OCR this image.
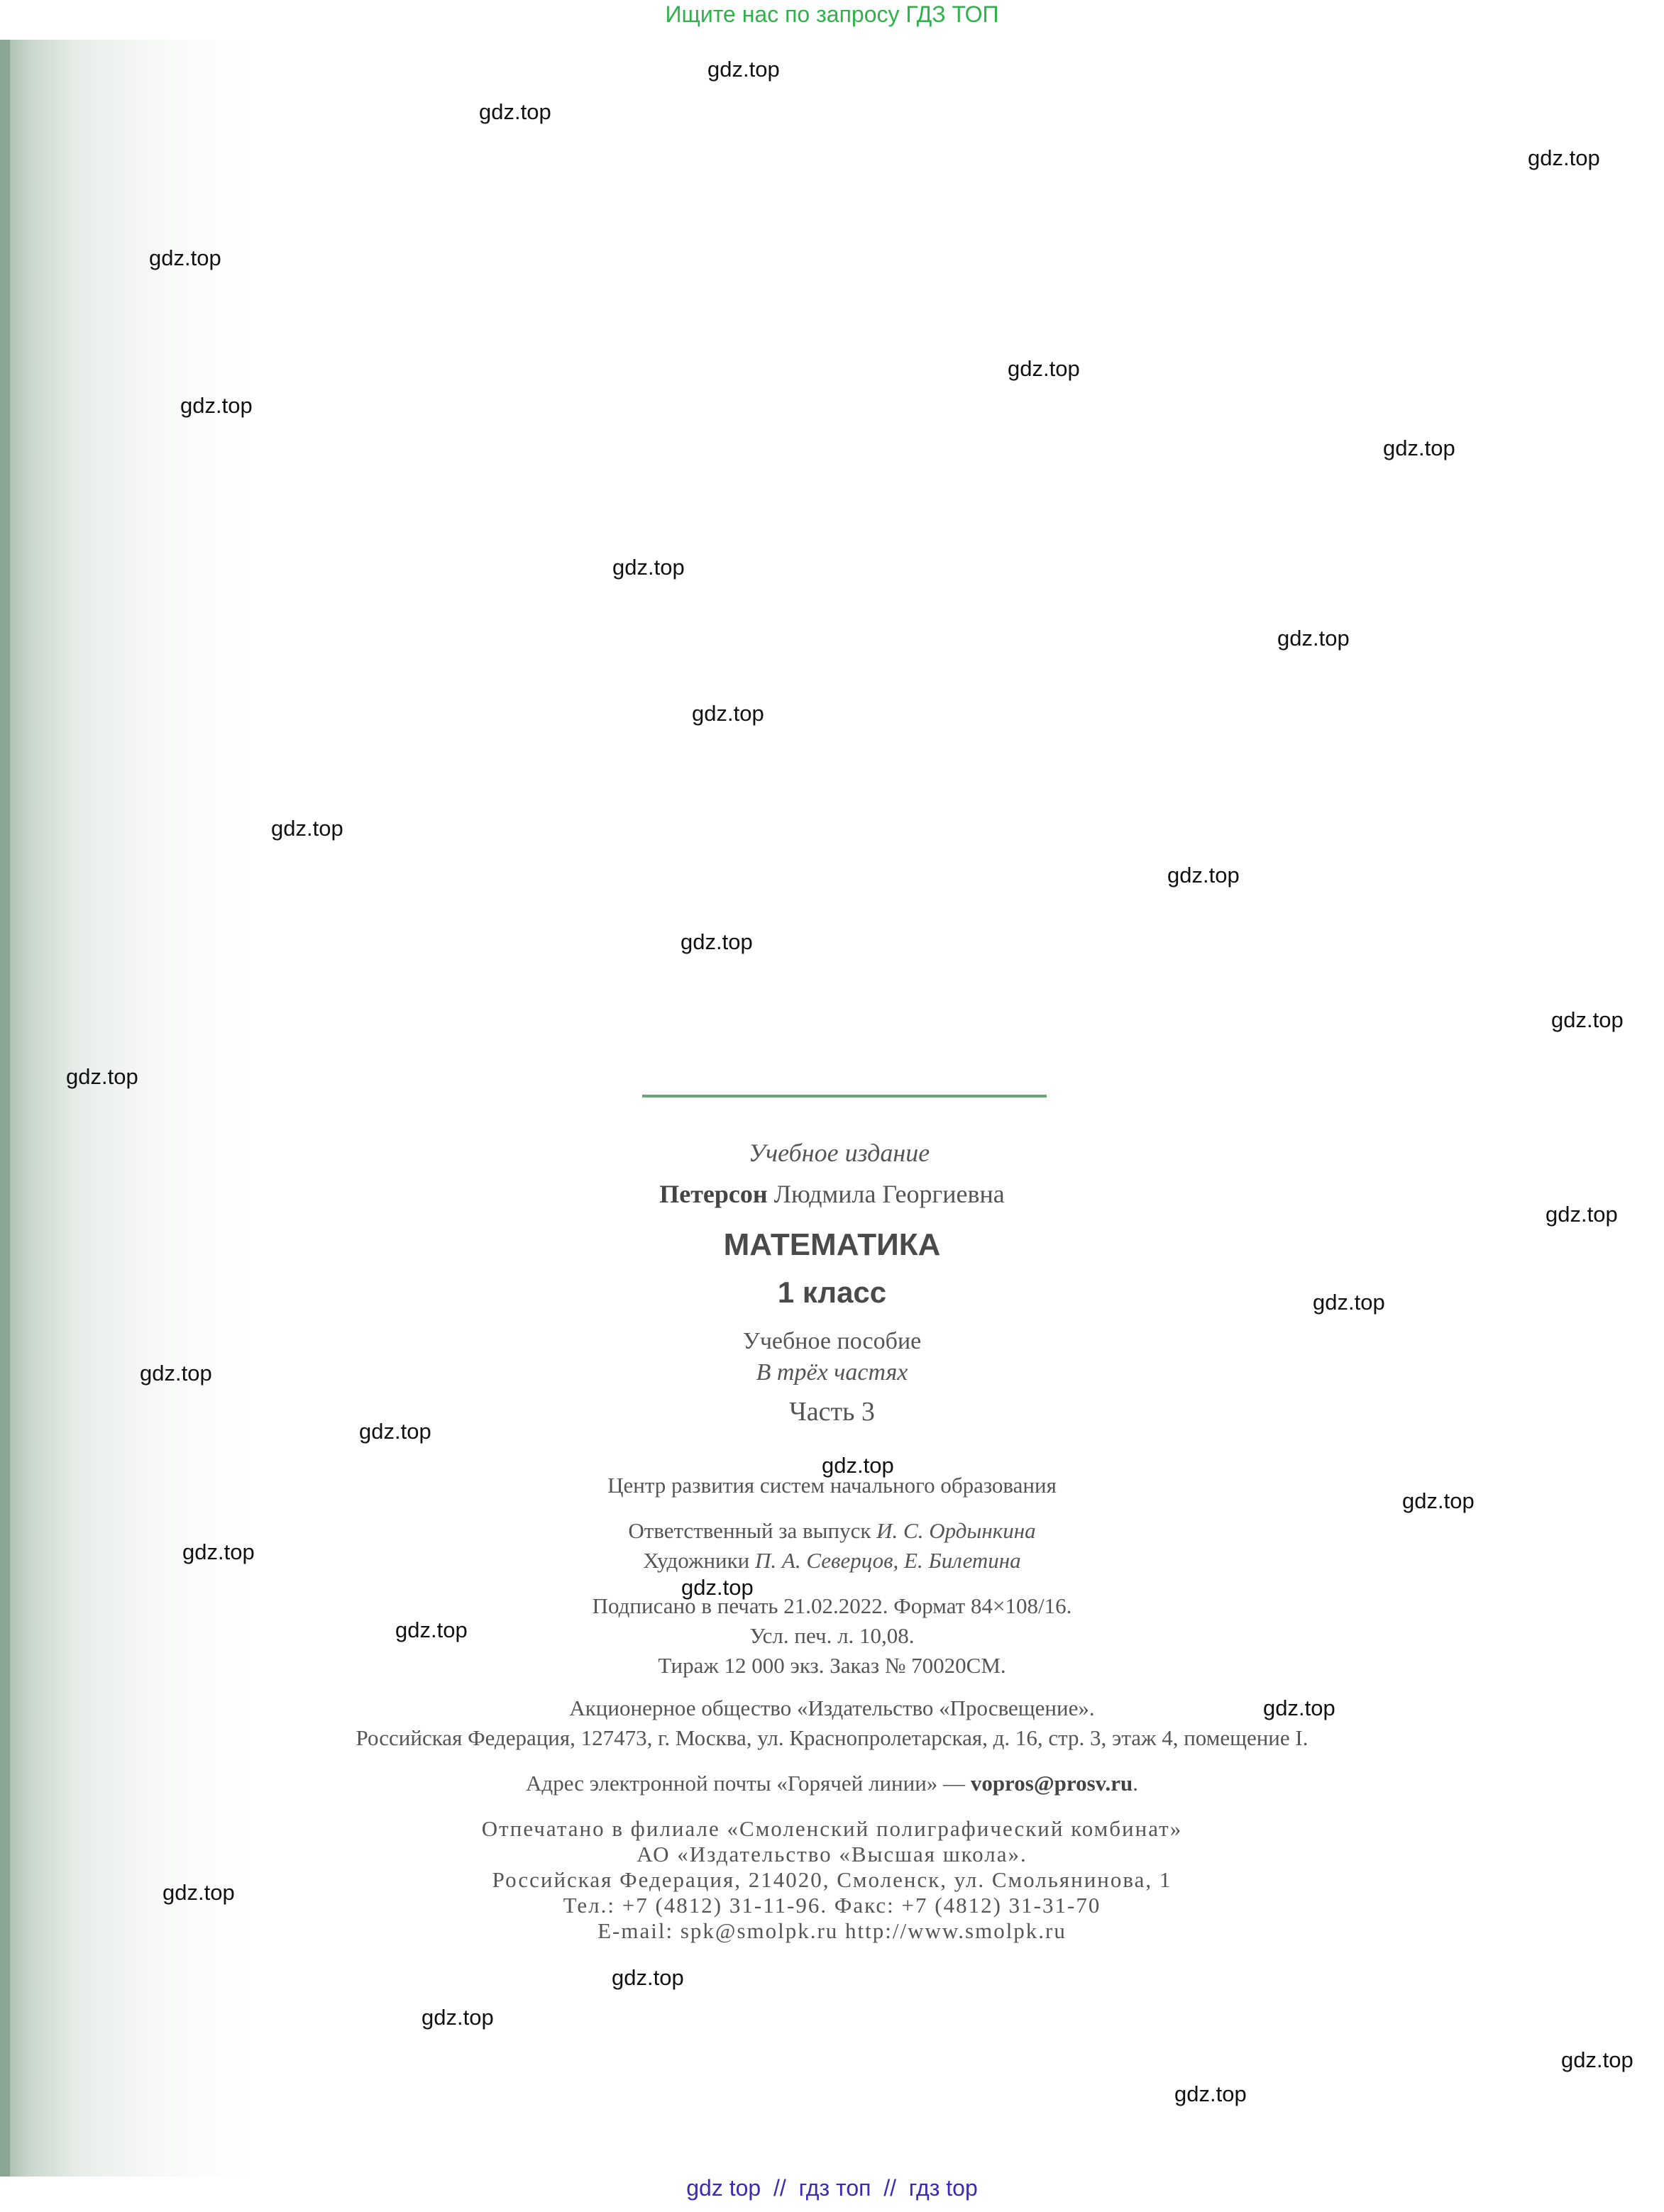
Ищите нас по запросу ГДЗ ТОП
gdz.top
gdz.top
gdz.top
gdz.top
gdz.top
gdz.top
gdz.top
gdz.top
gdz.top
gdz.top
gdz.top
gdz.top
gdz.top
gdz.top
gdz.top
gdz.top
gdz.top
gdz.top
gdz.top
gdz.top
gdz.top
gdz.top
gdz.top
gdz.top
gdz.top
gdz.top
gdz.top
gdz.top
gdz.top
gdz.top
Учебное издание
Петерсон Людмила Георгиевна
МАТЕМАТИКА
1 класс
Учебное пособие
В трёх частях
Часть 3
Центр развития систем начального образования
Ответственный за выпуск И. С. Ордынкина
Художники П. А. Северцов, Е. Билетина
Подписано в печать 21.02.2022. Формат 84×108/16.
Усл. печ. л. 10,08.
Тираж 12 000 экз. Заказ № 70020СМ.
Акционерное общество «Издательство «Просвещение».
Российская Федерация, 127473, г. Москва, ул. Краснопролетарская, д. 16, стр. 3, этаж 4, помещение I.
Адрес электронной почты «Горячей линии» — vopros@prosv.ru.
Отпечатано в филиале «Смоленский полиграфический комбинат»
АО «Издательство «Высшая школа».
Российская Федерация, 214020, Смоленск, ул. Смольянинова, 1
Тел.: +7 (4812) 31-11-96. Факс: +7 (4812) 31-31-70
E-mail: spk@smolpk.ru http://www.smolpk.ru
gdz top  //  гдз топ  //  гдз top
